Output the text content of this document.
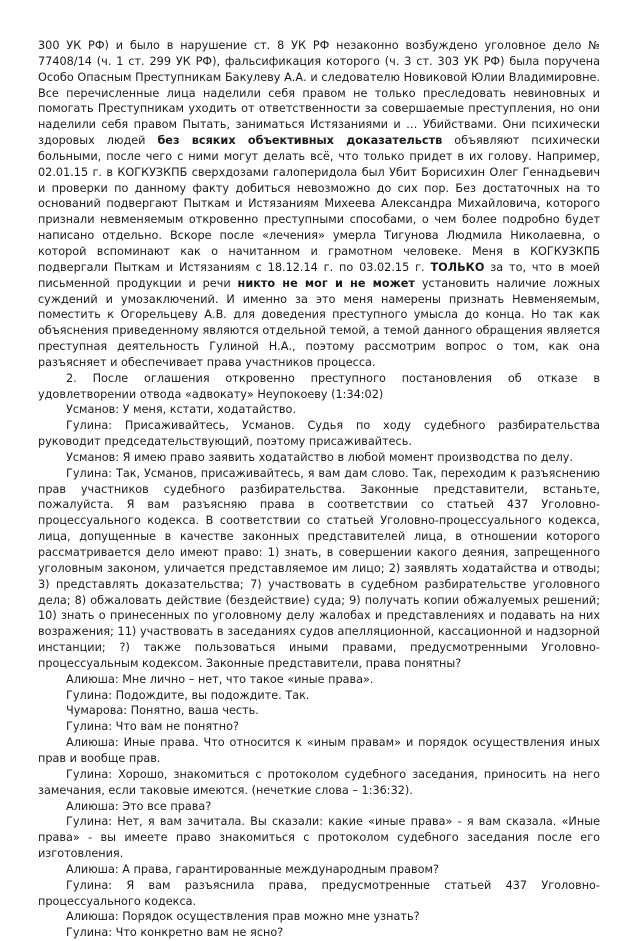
300 УК РФ) и было в нарушение ст. 8 УК РФ незаконно возбуждено уголовное дело № 77408/14 (ч. 1 ст. 299 УК РФ), фальсификация которого (ч. 3 ст. 303 УК РФ) была поручена Особо Опасным Преступникам Бакулеву А.А. и следователю Новиковой Юлии Владимировне. Все перечисленные лица наделили себя правом не только преследовать невиновных и помогать Преступникам уходить от ответственности за совершаемые преступления, но они наделили себя правом Пытать, заниматься Истязаниями и … Убийствами. Они психически здоровых людей без всяких объективных доказательств объявляют психически больными, после чего с ними могут делать всё, что только придет в их голову. Например, 02.01.15 г. в КОГКУЗКПБ сверхдозами галоперидола был Убит Борисихин Олег Геннадьевич и проверки по данному факту добиться невозможно до сих пор. Без достаточных на то оснований подвергают Пыткам и Истязаниям Михеева Александра Михайловича, которого признали невменяемым откровенно преступными способами, о чем более подробно будет написано отдельно. Вскоре после «лечения» умерла Тигунова Людмила Николаевна, о которой вспоминают как о начитанном и грамотном человеке. Меня в КОГКУЗКПБ подвергали Пыткам и Истязаниям с 18.12.14 г. по 03.02.15 г. ТОЛЬКО за то, что в моей письменной продукции и речи никто не мог и не может установить наличие ложных суждений и умозаключений. И именно за это меня намерены признать Невменяемым, поместить к Огорельцеву А.В. для доведения преступного умысла до конца. Но так как объяснения приведенному являются отдельной темой, а темой данного обращения является преступная деятельность Гулиной Н.А., поэтому рассмотрим вопрос о том, как она разъясняет и обеспечивает права участников процесса.

2. После оглашения откровенно преступного постановления об отказе в удовлетворении отвода «адвокату» Неупокоеву (1:34:02)

Усманов: У меня, кстати, ходатайство.

Гулина: Присаживайтесь, Усманов. Судья по ходу судебного разбирательства руководит председательствующий, поэтому присаживайтесь.

Усманов: Я имею право заявить ходатайство в любой момент производства по делу.

Гулина: Так, Усманов, присаживайтесь, я вам дам слово. Так, переходим к разъяснению прав участников судебного разбирательства. Законные представители, встаньте, пожалуйста. Я вам разъясняю права в соответствии со статьей 437 Уголовно-процессуального кодекса. В соответствии со статьей Уголовно-процессуального кодекса, лица, допущенные в качестве законных представителей лица, в отношении которого рассматривается дело имеют право: 1) знать, в совершении какого деяния, запрещенного уголовным законом, уличается представляемое им лицо; 2) заявлять ходатайства и отводы; 3) представлять доказательства; 7) участвовать в судебном разбирательстве уголовного дела; 8) обжаловать действие (бездействие) суда; 9) получать копии обжалуемых решений; 10) знать о принесенных по уголовному делу жалобах и представлениях и подавать на них возражения; 11) участвовать в заседаниях судов апелляционной, кассационной и надзорной инстанции; ?) также пользоваться иными правами, предусмотренными Уголовно-процессуальным кодексом. Законные представители, права понятны?

Алиюша: Мне лично – нет, что такое «иные права».

Гулина: Подождите, вы подождите. Так.

Чумарова: Понятно, ваша честь.

Гулина: Что вам не понятно?

Алиюша: Иные права. Что относится к «иным правам» и порядок осуществления иных прав и вообще прав.

Гулина: Хорошо, знакомиться с протоколом судебного заседания, приносить на него замечания, если таковые имеются. (нечеткие слова – 1:36:32).

Алиюша: Это все права?

Гулина: Нет, я вам зачитала. Вы сказали: какие «иные права» - я вам сказала. «Иные права» - вы имеете право знакомиться с протоколом судебного заседания после его изготовления.

Алиюша: А права, гарантированные международным правом?

Гулина: Я вам разъяснила права, предусмотренные статьей 437 Уголовно-процессуального кодекса.

Алиюша: Порядок осуществления прав можно мне узнать?

Гулина: Что конкретно вам не ясно?
